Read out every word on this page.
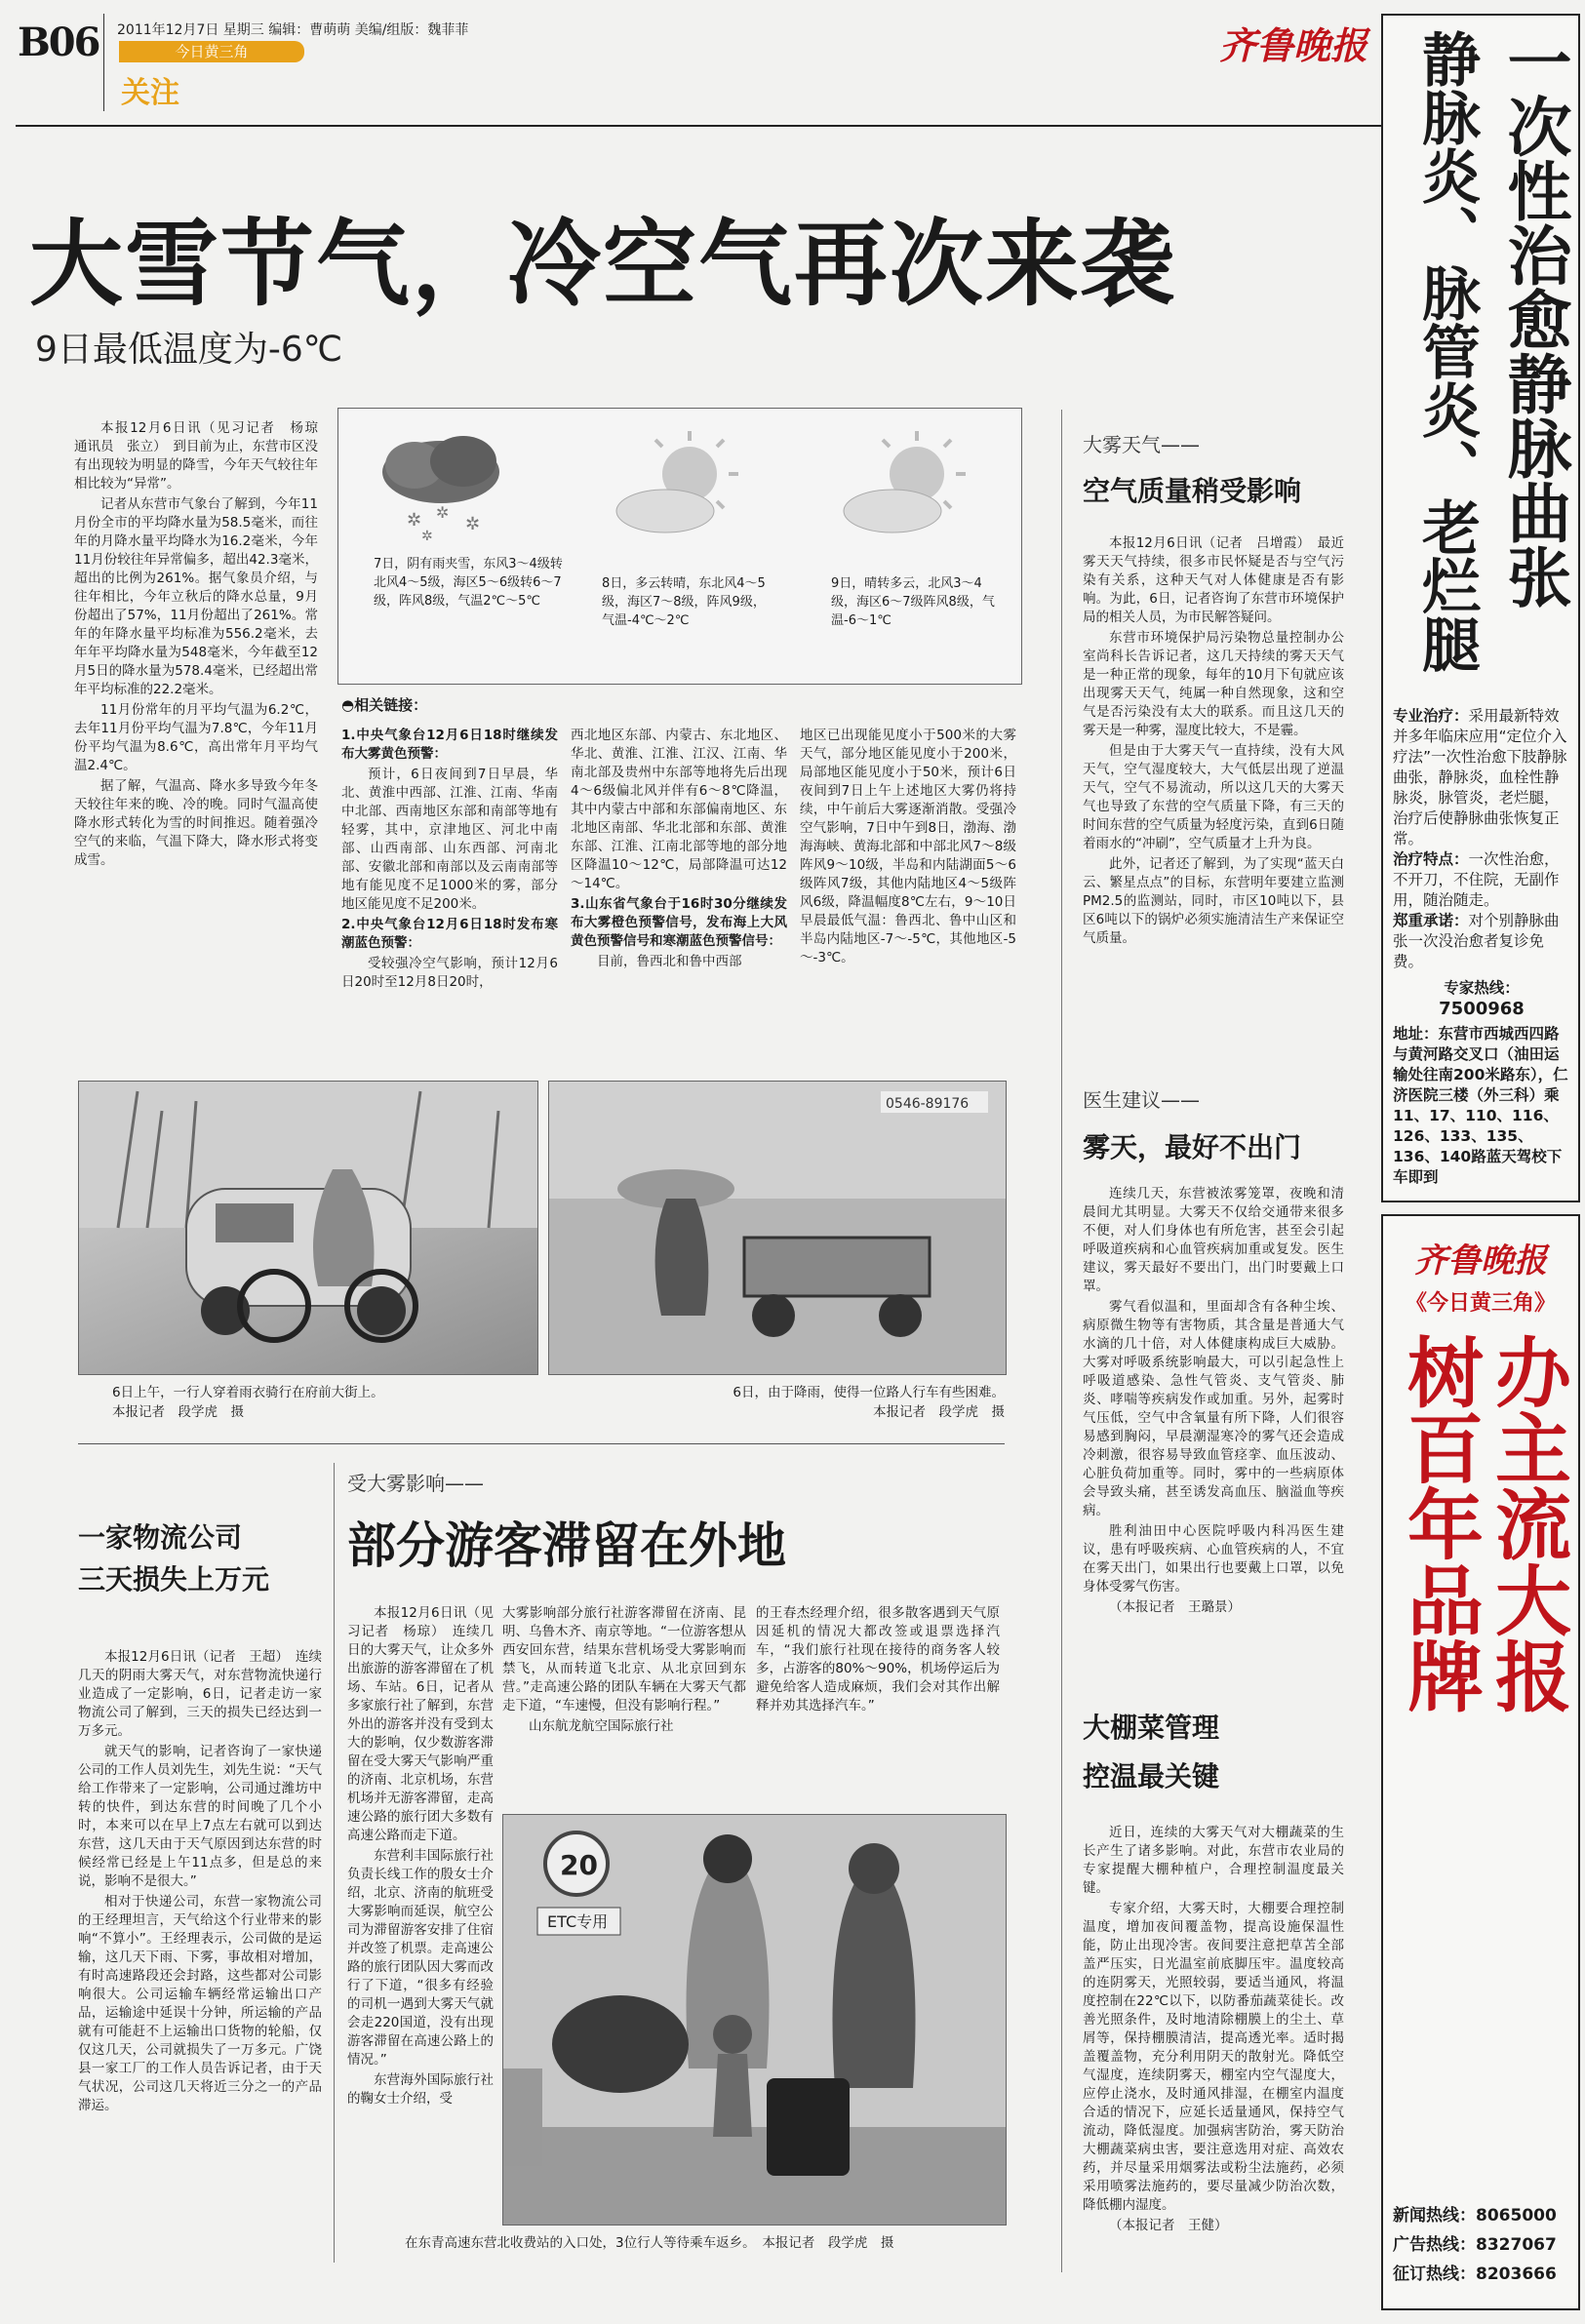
B06 2011年12月7日 星期三 编辑：曹萌萌 美编/组版：魏菲菲
今日黄三角
关注
齐鲁晚报
大雪节气，冷空气再次来袭
9日最低温度为-6℃

本报12月6日讯（见习记者　杨琼　通讯员　张立）　到目前为止，东营市区没有出现较为明显的降雪，今年天气较往年相比较为“异常”。

记者从东营市气象台了解到，今年11月份全市的平均降水量为58.5毫米，而往年的月降水量平均降水为16.2毫米，今年11月份较往年异常偏多，超出42.3毫米，超出的比例为261%。据气象员介绍，与往年相比，今年立秋后的降水总量，9月份超出了57%，11月份超出了261%。常年的年降水量平均标准为556.2毫米，去年年平均降水量为548毫米，今年截至12月5日的降水量为578.4毫米，已经超出常年平均标准的22.2毫米。

11月份常年的月平均气温为6.2℃，去年11月份平均气温为7.8℃，今年11月份平均气温为8.6℃，高出常年月平均气温2.4℃。

据了解，气温高、降水多导致今年冬天较往年来的晚、冷的晚。同时气温高使降水形式转化为雪的时间推迟。随着强冷空气的来临，气温下降大，降水形式将变成雪。

✲ ✲
✲
✲
7日，阴有雨夹雪，东风3～4级转北风4～5级，海区5～6级转6～7级，阵风8级，气温2℃～5℃
8日，多云转晴，东北风4～5级，海区7～8级，阵风9级，气温-4℃～2℃
9日，晴转多云，北风3～4级，海区6～7级阵风8级，气温-6～1℃
◓相关链接：

1.中央气象台12月6日18时继续发布大雾黄色预警：

预计，6日夜间到7日早晨，华北、黄淮中西部、江淮、江南、华南中北部、西南地区东部和南部等地有轻雾，其中，京津地区、河北中南部、山西南部、山东西部、河南北部、安徽北部和南部以及云南南部等地有能见度不足1000米的雾，部分地区能见度不足200米。

2.中央气象台12月6日18时发布寒潮蓝色预警：

受较强冷空气影响，预计12月6日20时至12月8日20时，

西北地区东部、内蒙古、东北地区、华北、黄淮、江淮、江汉、江南、华南北部及贵州中东部等地将先后出现4～6级偏北风并伴有6～8℃降温，其中内蒙古中部和东部偏南地区、东北地区南部、华北北部和东部、黄淮东部、江淮、江南北部等地的部分地区降温10～12℃，局部降温可达12～14℃。

3.山东省气象台于16时30分继续发布大雾橙色预警信号，发布海上大风黄色预警信号和寒潮蓝色预警信号：

目前，鲁西北和鲁中西部

地区已出现能见度小于500米的大雾天气，部分地区能见度小于200米，局部地区能见度小于50米，预计6日夜间到7日上午上述地区大雾仍将持续，中午前后大雾逐渐消散。受强冷空气影响，7日中午到8日，渤海、渤海海峡、黄海北部和中部北风7～8级阵风9～10级，半岛和内陆湖面5～6级阵风7级，其他内陆地区4～5级阵风6级，降温幅度8℃左右，9～10日早晨最低气温：鲁西北、鲁中山区和半岛内陆地区-7～-5℃，其他地区-5～-3℃。

6日上午，一行人穿着雨衣骑行在府前大街上。
本报记者　段学虎　摄
0546-89176
6日，由于降雨，使得一位路人行车有些困难。
本报记者　段学虎　摄
一家物流公司
三天损失上万元

本报12月6日讯（记者　王超）　连续几天的阴雨大雾天气，对东营物流快递行业造成了一定影响，6日，记者走访一家物流公司了解到，三天的损失已经达到一万多元。

就天气的影响，记者咨询了一家快递公司的工作人员刘先生，刘先生说：“天气给工作带来了一定影响，公司通过潍坊中转的快件，到达东营的时间晚了几个小时，本来可以在早上7点左右就可以到达东营，这几天由于天气原因到达东营的时候经常已经是上午11点多，但是总的来说，影响不是很大。”

相对于快递公司，东营一家物流公司的王经理坦言，天气给这个行业带来的影响“不算小”。王经理表示，公司做的是运输，这几天下雨、下雾，事故相对增加，有时高速路段还会封路，这些都对公司影响很大。公司运输车辆经常运输出口产品，运输途中延误十分钟，所运输的产品就有可能赶不上运输出口货物的轮船，仅仅这几天，公司就损失了一万多元。广饶县一家工厂的工作人员告诉记者，由于天气状况，公司这几天将近三分之一的产品滞运。

受大雾影响——
部分游客滞留在外地

本报12月6日讯（见习记者　杨琼）　连续几日的大雾天气，让众多外出旅游的游客滞留在了机场、车站。6日，记者从多家旅行社了解到，东营外出的游客并没有受到太大的影响，仅少数游客滞留在受大雾天气影响严重的济南、北京机场，东营机场并无游客滞留，走高速公路的旅行团大多数有高速公路而走下道。

东营利丰国际旅行社负责长线工作的殷女士介绍，北京、济南的航班受大雾影响而延误，航空公司为滞留游客安排了住宿并改签了机票。走高速公路的旅行团队因大雾而改行了下道，“很多有经验的司机一遇到大雾天气就会走220国道，没有出现游客滞留在高速公路上的情况。”

东营海外国际旅行社的鞠女士介绍，受

大雾影响部分旅行社游客滞留在济南、昆明、乌鲁木齐、南京等地。“一位游客想从西安回东营，结果东营机场受大雾影响而禁飞，从而转道飞北京、从北京回到东营。”走高速公路的团队车辆在大雾天气都走下道，“车速慢，但没有影响行程。”

山东航龙航空国际旅行社

的王春杰经理介绍，很多散客遇到天气原因延机的情况大都改签或退票选择汽车，“我们旅行社现在接待的商务客人较多，占游客的80%～90%，机场停运后为避免给客人造成麻烦，我们会对其作出解释并劝其选择汽车。”

20
ETC专用
在东青高速东营北收费站的入口处，3位行人等待乘车返乡。　本报记者　段学虎　摄
大雾天气——
空气质量稍受影响

本报12月6日讯（记者　吕增霞）　最近雾天天气持续，很多市民怀疑是否与空气污染有关系，这种天气对人体健康是否有影响。为此，6日，记者咨询了东营市环境保护局的相关人员，为市民解答疑问。

东营市环境保护局污染物总量控制办公室尚科长告诉记者，这几天持续的雾天天气是一种正常的现象，每年的10月下旬就应该出现雾天天气，纯属一种自然现象，这和空气是否污染没有太大的联系。而且这几天的雾天是一种雾，湿度比较大，不是霾。

但是由于大雾天气一直持续，没有大风天气，空气湿度较大，大气低层出现了逆温天气，空气不易流动，所以这几天的大雾天气也导致了东营的空气质量下降，有三天的时间东营的空气质量为轻度污染，直到6日随着雨水的“冲刷”，空气质量才上升为良。

此外，记者还了解到，为了实现“蓝天白云、繁星点点”的目标，东营明年要建立监测PM2.5的监测站，同时，市区10吨以下，县区6吨以下的锅炉必须实施清洁生产来保证空气质量。

医生建议——
雾天，最好不出门

连续几天，东营被浓雾笼罩，夜晚和清晨间尤其明显。大雾天不仅给交通带来很多不便，对人们身体也有所危害，甚至会引起呼吸道疾病和心血管疾病加重或复发。医生建议，雾天最好不要出门，出门时要戴上口罩。

雾气看似温和，里面却含有各种尘埃、病原微生物等有害物质，其含量是普通大气水滴的几十倍，对人体健康构成巨大威胁。大雾对呼吸系统影响最大，可以引起急性上呼吸道感染、急性气管炎、支气管炎、肺炎、哮喘等疾病发作或加重。另外，起雾时气压低，空气中含氧量有所下降，人们很容易感到胸闷，早晨潮湿寒冷的雾气还会造成冷刺激，很容易导致血管痉挛、血压波动、心脏负荷加重等。同时，雾中的一些病原体会导致头痛，甚至诱发高血压、脑溢血等疾病。

胜利油田中心医院呼吸内科冯医生建议，患有呼吸疾病、心血管疾病的人，不宜在雾天出门，如果出行也要戴上口罩，以免身体受雾气伤害。

（本报记者　王璐景）

大棚菜管理
控温最关键

近日，连续的大雾天气对大棚蔬菜的生长产生了诸多影响。对此，东营市农业局的专家提醒大棚种植户，合理控制温度最关键。

专家介绍，大雾天时，大棚要合理控制温度，增加夜间覆盖物，提高设施保温性能，防止出现冷害。夜间要注意把草苫全部盖严压实，日光温室前底脚压牢。温度较高的连阴雾天，光照较弱，要适当通风，将温度控制在22℃以下，以防番茄蔬菜徒长。改善光照条件，及时地清除棚膜上的尘土、草屑等，保持棚膜清洁，提高透光率。适时揭盖覆盖物，充分利用阴天的散射光。降低空气湿度，连续阴雾天，棚室内空气湿度大，应停止浇水，及时通风排湿，在棚室内温度合适的情况下，应延长适量通风，保持空气流动，降低湿度。加强病害防治，雾天防治大棚蔬菜病虫害，要注意选用对症、高效农药，并尽量采用烟雾法或粉尘法施药，必须采用喷雾法施药的，要尽量减少防治次数，降低棚内湿度。

（本报记者　王健）

一次性治愈静脉曲张
静脉炎、脉管炎、老烂腿
专业治疗：采用最新特效并多年临床应用“定位介入疗法”一次性治愈下肢静脉曲张，静脉炎，血栓性静脉炎，脉管炎，老烂腿，治疗后使静脉曲张恢复正常。
治疗特点：一次性治愈，不开刀，不住院，无副作用，随治随走。
郑重承诺：对个别静脉曲张一次没治愈者复诊免费。
专家热线：
7500968
地址：东营市西城西四路与黄河路交叉口（油田运输处往南200米路东），仁济医院三楼（外三科）乘11、17、110、116、126、133、135、136、140路蓝天驾校下车即到
齐鲁晚报
《今日黄三角》
办主流大报
树百年品牌
新闻热线：8065000
广告热线：8327067
征订热线：8203666
